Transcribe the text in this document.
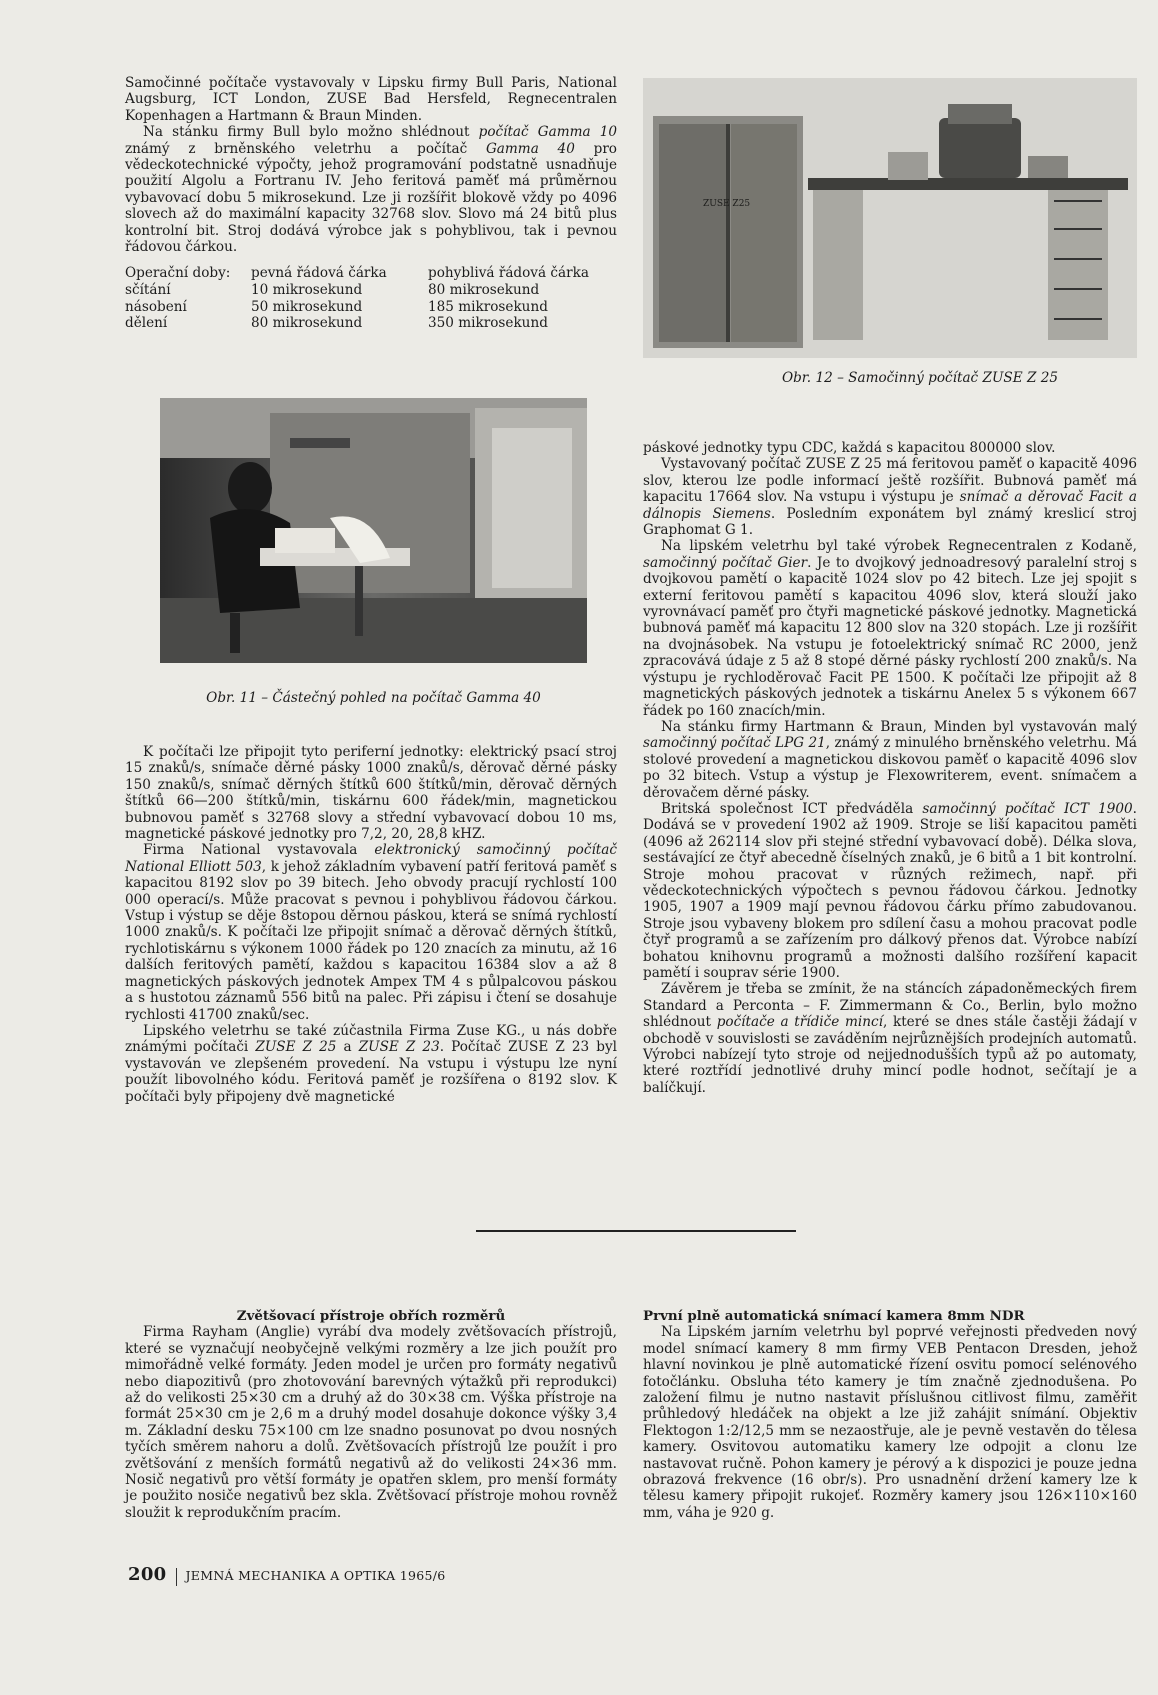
Samočinné počítače vystavovaly v Lipsku firmy Bull Paris, National Augsburg, ICT London, ZUSE Bad Hersfeld, Regnecentralen Kopenhagen a Hartmann & Braun Minden.

Na stánku firmy Bull bylo možno shlédnout počítač Gamma 10 známý z brněnského veletrhu a počítač Gamma 40 pro vědeckotechnické výpočty, jehož programování podstatně usnadňuje použití Algolu a Fortranu IV. Jeho feritová paměť má průměrnou vybavovací dobu 5 mikrosekund. Lze ji rozšířit blokově vždy po 4096 slovech až do maximální kapacity 32768 slov. Slovo má 24 bitů plus kontrolní bit. Stroj dodává výrobce jak s pohyblivou, tak i pevnou řádovou čárkou.

Operační doby:	pevná řádová čárka	pohyblivá řádová čárka
sčítání	10 mikrosekund	80 mikrosekund
násobení	50 mikrosekund	185 mikrosekund
dělení	80 mikrosekund	350 mikrosekund
Obr. 11 – Částečný pohled na počítač Gamma 40

K počítači lze připojit tyto periferní jednotky: elektrický psací stroj 15 znaků/s, snímače děrné pásky 1000 znaků/s, děrovač děrné pásky 150 znaků/s, snímač děrných štítků 600 štítků/min, děrovač děrných štítků 66—200 štítků/min, tiskárnu 600 řádek/min, magnetickou bubnovou paměť s 32768 slovy a střední vybavovací dobou 10 ms, magnetické páskové jednotky pro 7,2, 20, 28,8 kHZ.

Firma National vystavovala elektronický samočinný počítač National Elliott 503, k jehož základním vybavení patří feritová paměť s kapacitou 8192 slov po 39 bitech. Jeho obvody pracují rychlostí 100 000 operací/s. Může pracovat s pevnou i pohyblivou řádovou čárkou. Vstup i výstup se děje 8stopou děrnou páskou, která se snímá rychlostí 1000 znaků/s. K počítači lze připojit snímač a děrovač děrných štítků, rychlotiskárnu s výkonem 1000 řádek po 120 znacích za minutu, až 16 dalších feritových pamětí, každou s kapacitou 16384 slov a až 8 magnetických páskových jednotek Ampex TM 4 s půlpalcovou páskou a s hustotou záznamů 556 bitů na palec. Při zápisu i čtení se dosahuje rychlosti 41700 znaků/sec.

Lipského veletrhu se také zúčastnila Firma Zuse KG., u nás dobře známými počítači ZUSE Z 25 a ZUSE Z 23. Počítač ZUSE Z 23 byl vystavován ve zlepšeném provedení. Na vstupu i výstupu lze nyní použít libovolného kódu. Feritová paměť je rozšířena o 8192 slov. K počítači byly připojeny dvě magnetické

ZUSE Z25
Obr. 12 – Samočinný počítač ZUSE Z 25

páskové jednotky typu CDC, každá s kapacitou 800000 slov.

Vystavovaný počítač ZUSE Z 25 má feritovou paměť o kapacitě 4096 slov, kterou lze podle informací ještě rozšířit. Bubnová paměť má kapacitu 17664 slov. Na vstupu i výstupu je snímač a děrovač Facit a dálnopis Siemens. Posledním exponátem byl známý kreslicí stroj Graphomat G 1.

Na lipském veletrhu byl také výrobek Regnecentralen z Kodaně, samočinný počítač Gier. Je to dvojkový jednoadresový paralelní stroj s dvojkovou pamětí o kapacitě 1024 slov po 42 bitech. Lze jej spojit s externí feritovou pamětí s kapacitou 4096 slov, která slouží jako vyrovnávací paměť pro čtyři magnetické páskové jednotky. Magnetická bubnová paměť má kapacitu 12 800 slov na 320 stopách. Lze ji rozšířit na dvojnásobek. Na vstupu je fotoelektrický snímač RC 2000, jenž zpracovává údaje z 5 až 8 stopé děrné pásky rychlostí 200 znaků/s. Na výstupu je rychloděrovač Facit PE 1500. K počítači lze připojit až 8 magnetických páskových jednotek a tiskárnu Anelex 5 s výkonem 667 řádek po 160 znacích/min.

Na stánku firmy Hartmann & Braun, Minden byl vystavován malý samočinný počítač LPG 21, známý z minulého brněnského veletrhu. Má stolové provedení a magnetickou diskovou paměť o kapacitě 4096 slov po 32 bitech. Vstup a výstup je Flexowriterem, event. snímačem a děrovačem děrné pásky.

Britská společnost ICT předváděla samočinný počítač ICT 1900. Dodává se v provedení 1902 až 1909. Stroje se liší kapacitou paměti (4096 až 262114 slov při stejné střední vybavovací době). Délka slova, sestávající ze čtyř abecedně číselných znaků, je 6 bitů a 1 bit kontrolní. Stroje mohou pracovat v různých režimech, např. při vědeckotechnických výpočtech s pevnou řádovou čárkou. Jednotky 1905, 1907 a 1909 mají pevnou řádovou čárku přímo zabudovanou. Stroje jsou vybaveny blokem pro sdílení času a mohou pracovat podle čtyř programů a se zařízením pro dálkový přenos dat. Výrobce nabízí bohatou knihovnu programů a možnosti dalšího rozšíření kapacit pamětí i souprav série 1900.

Závěrem je třeba se zmínit, že na stáncích západoněmeckých firem Standard a Perconta – F. Zimmermann & Co., Berlin, bylo možno shlédnout počítače a třídiče mincí, které se dnes stále častěji žádají v obchodě v souvislosti se zaváděním nejrůznějších prodejních automatů. Výrobci nabízejí tyto stroje od nejjednodušších typů až po automaty, které roztřídí jednotlivé druhy mincí podle hodnot, sečítají je a balíčkují.

Zvětšovací přístroje obřích rozměrů

Firma Rayham (Anglie) vyrábí dva modely zvětšovacích přístrojů, které se vyznačují neobyčejně velkými rozměry a lze jich použít pro mimořádně velké formáty. Jeden model je určen pro formáty negativů nebo diapozitivů (pro zhotovování barevných výtažků při reprodukci) až do velikosti 25×30 cm a druhý až do 30×38 cm. Výška přístroje na formát 25×30 cm je 2,6 m a druhý model dosahuje dokonce výšky 3,4 m. Základní desku 75×100 cm lze snadno posunovat po dvou nosných tyčích směrem nahoru a dolů. Zvětšovacích přístrojů lze použít i pro zvětšování z menších formátů negativů až do velikosti 24×36 mm. Nosič negativů pro větší formáty je opatřen sklem, pro menší formáty je použito nosiče negativů bez skla. Zvětšovací přístroje mohou rovněž sloužit k reprodukčním pracím.

První plně automatická snímací kamera 8mm NDR

Na Lipském jarním veletrhu byl poprvé veřejnosti předveden nový model snímací kamery 8 mm firmy VEB Pentacon Dresden, jehož hlavní novinkou je plně automatické řízení osvitu pomocí selénového fotočlánku. Obsluha této kamery je tím značně zjednodušena. Po založení filmu je nutno nastavit příslušnou citlivost filmu, zaměřit průhledový hledáček na objekt a lze již zahájit snímání. Objektiv Flektogon 1:2/12,5 mm se nezaostřuje, ale je pevně vestavěn do tělesa kamery. Osvitovou automatiku kamery lze odpojit a clonu lze nastavovat ručně. Pohon kamery je pérový a k dispozici je pouze jedna obrazová frekvence (16 obr/s). Pro usnadnění držení kamery lze k tělesu kamery připojit rukojeť. Rozměry kamery jsou 126×110×160 mm, váha je 920 g.

200 JEMNÁ MECHANIKA A OPTIKA 1965/6
